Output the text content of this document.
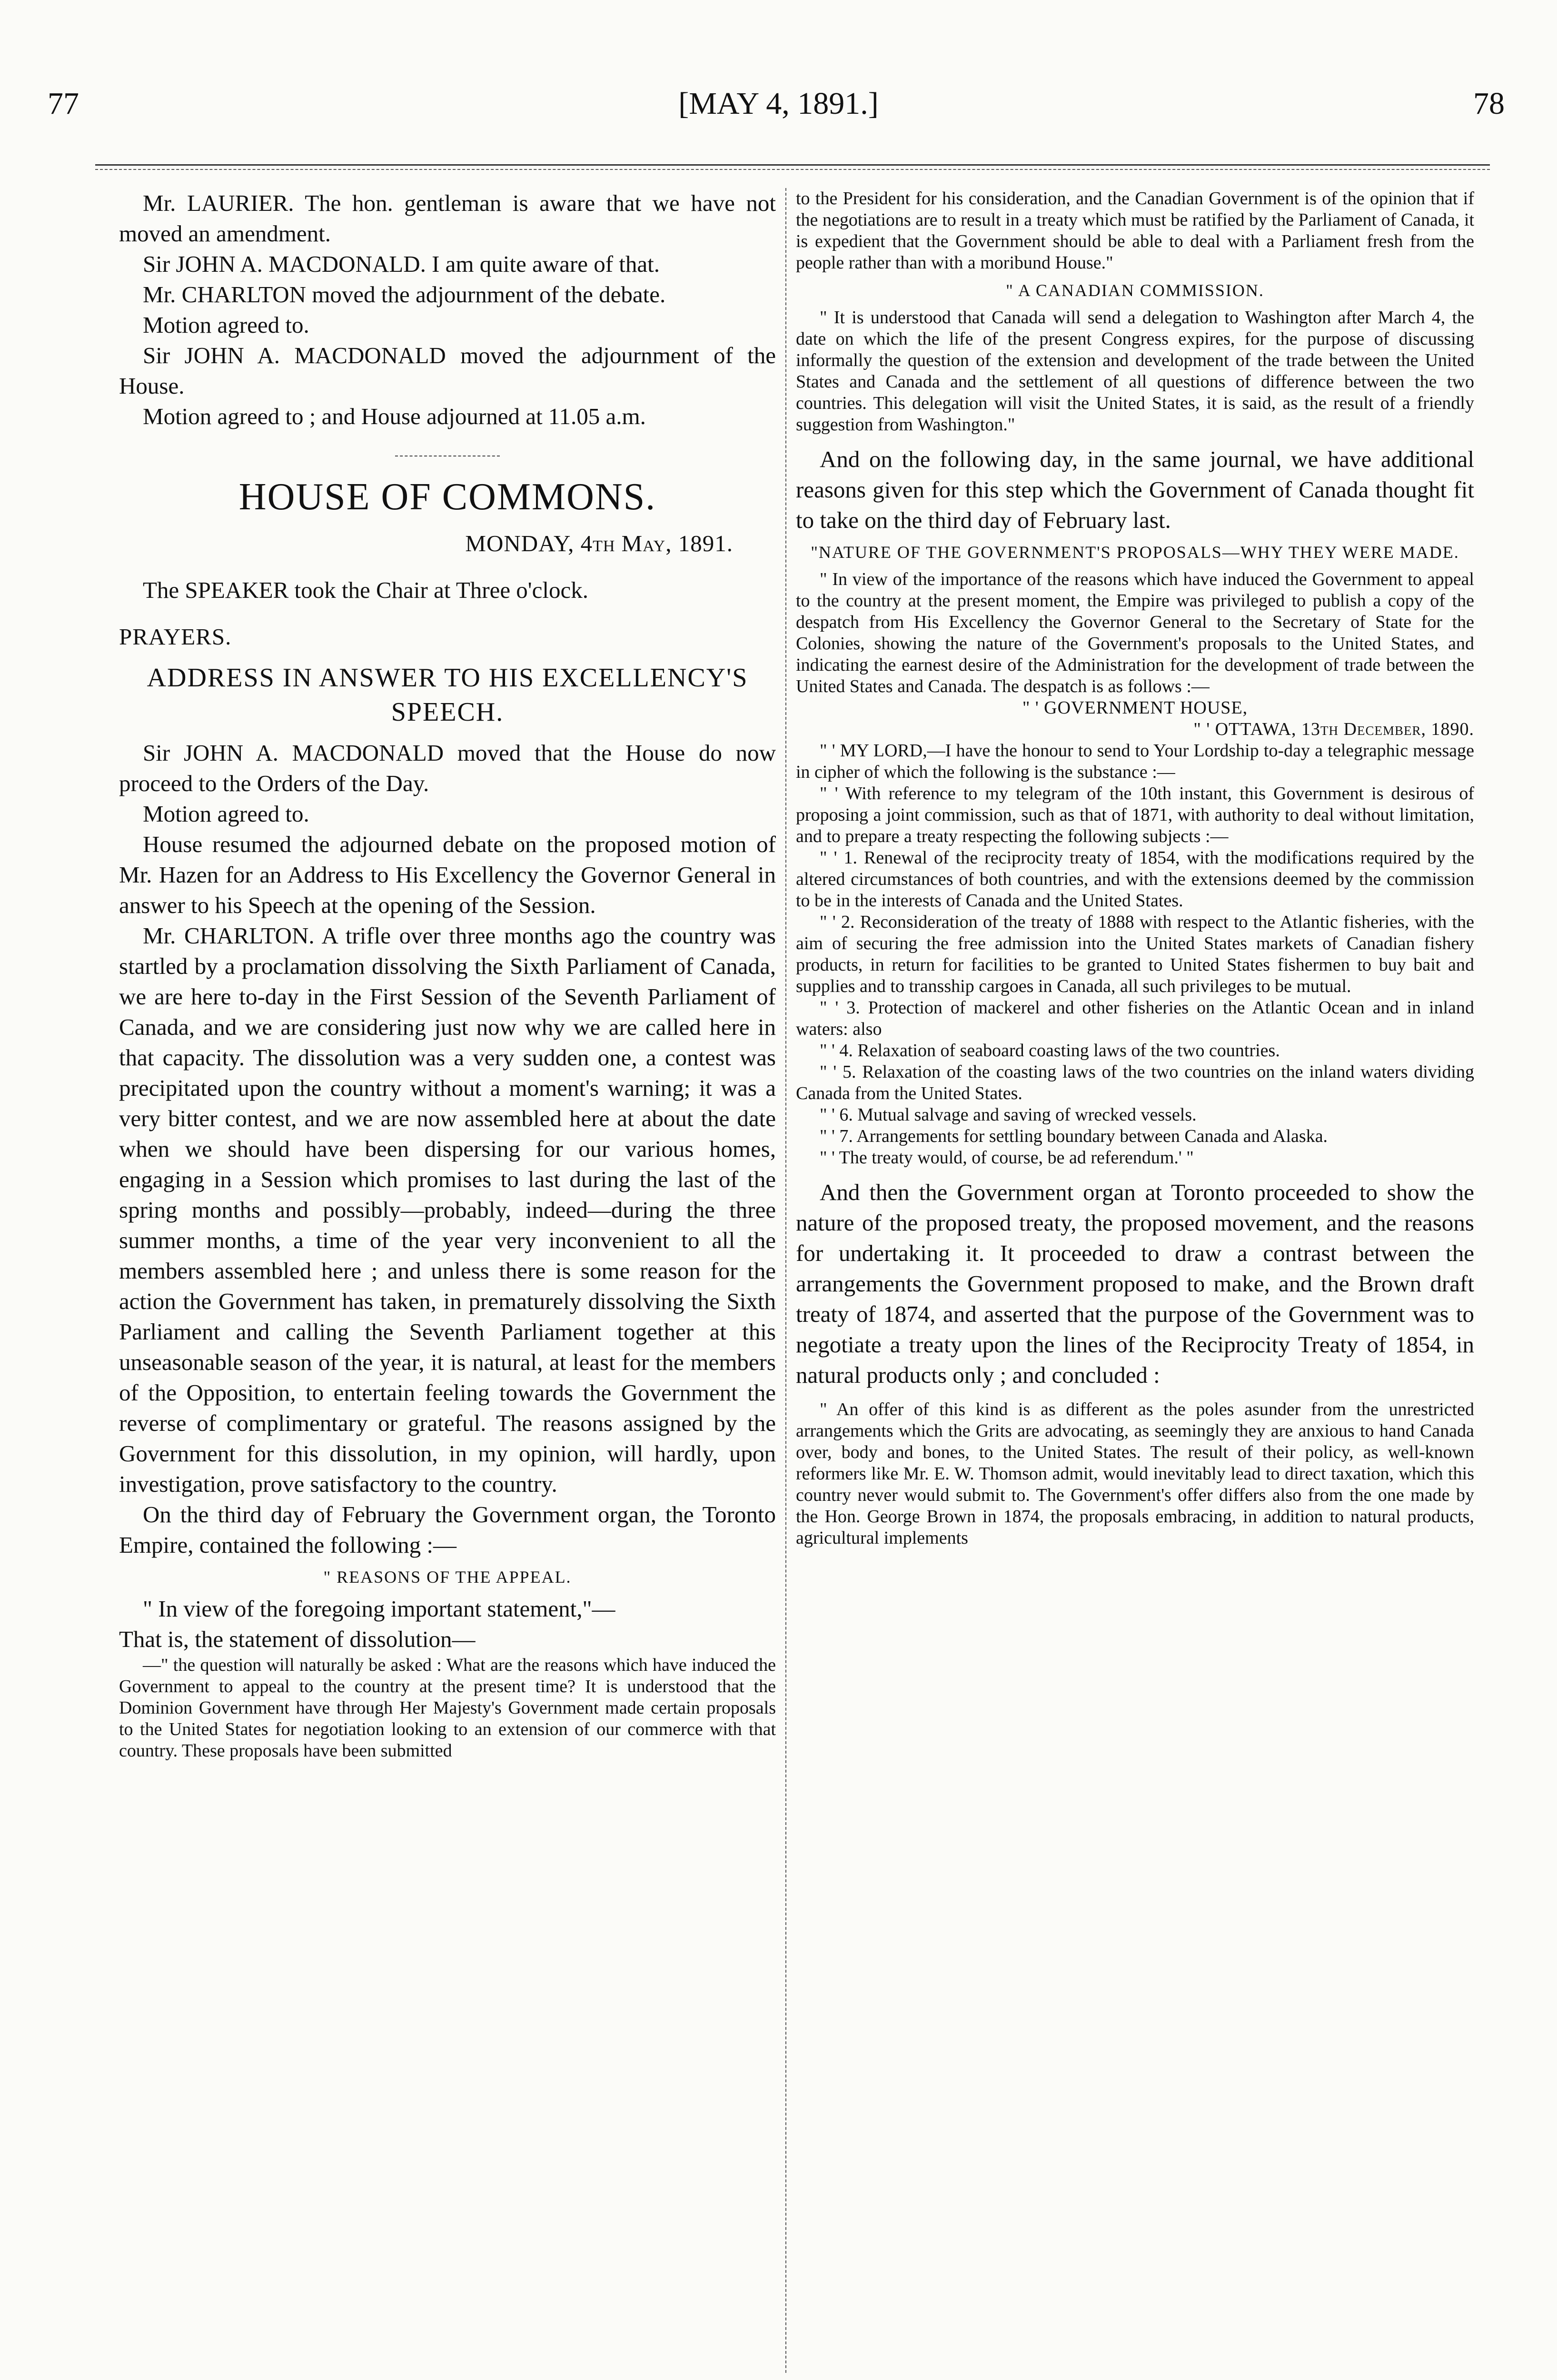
77	[MAY 4, 1891.]	78

Mr. LAURIER. The hon. gentleman is aware that we have not moved an amendment.

Sir JOHN A. MACDONALD. I am quite aware of that.

Mr. CHARLTON moved the adjournment of the debate.

Motion agreed to.

Sir JOHN A. MACDONALD moved the adjournment of the House.

Motion agreed to ; and House adjourned at 11.05 a.m.

HOUSE OF COMMONS.

MONDAY, 4th May, 1891.

The SPEAKER took the Chair at Three o'clock.

PRAYERS.

ADDRESS IN ANSWER TO HIS EXCELLENCY'S SPEECH.

Sir JOHN A. MACDONALD moved that the House do now proceed to the Orders of the Day.

Motion agreed to.

House resumed the adjourned debate on the proposed motion of Mr. Hazen for an Address to His Excellency the Governor General in answer to his Speech at the opening of the Session.

Mr. CHARLTON. A trifle over three months ago the country was startled by a proclamation dissolving the Sixth Parliament of Canada, we are here to-day in the First Session of the Seventh Parliament of Canada, and we are considering just now why we are called here in that capacity. The dissolution was a very sudden one, a contest was precipitated upon the country without a moment's warning; it was a very bitter contest, and we are now assembled here at about the date when we should have been dispersing for our various homes, engaging in a Session which promises to last during the last of the spring months and possibly—probably, indeed—during the three summer months, a time of the year very inconvenient to all the members assembled here ; and unless there is some reason for the action the Government has taken, in prematurely dissolving the Sixth Parliament and calling the Seventh Parliament together at this unseasonable season of the year, it is natural, at least for the members of the Opposition, to entertain feeling towards the Government the reverse of complimentary or grateful. The reasons assigned by the Government for this dissolution, in my opinion, will hardly, upon investigation, prove satisfactory to the country.

On the third day of February the Government organ, the Toronto Empire, contained the following :—

" REASONS OF THE APPEAL.

" In view of the foregoing important statement,"—

That is, the statement of dissolution—

—" the question will naturally be asked : What are the reasons which have induced the Government to appeal to the country at the present time? It is understood that the Dominion Government have through Her Majesty's Government made certain proposals to the United States for negotiation looking to an extension of our commerce with that country. These proposals have been submitted

to the President for his consideration, and the Canadian Government is of the opinion that if the negotiations are to result in a treaty which must be ratified by the Parliament of Canada, it is expedient that the Government should be able to deal with a Parliament fresh from the people rather than with a moribund House."

" A CANADIAN COMMISSION.

" It is understood that Canada will send a delegation to Washington after March 4, the date on which the life of the present Congress expires, for the purpose of discussing informally the question of the extension and development of the trade between the United States and Canada and the settlement of all questions of difference between the two countries. This delegation will visit the United States, it is said, as the result of a friendly suggestion from Washington."

And on the following day, in the same journal, we have additional reasons given for this step which the Government of Canada thought fit to take on the third day of February last.

"NATURE OF THE GOVERNMENT'S PROPOSALS—WHY THEY WERE MADE.

" In view of the importance of the reasons which have induced the Government to appeal to the country at the present moment, the Empire was privileged to publish a copy of the despatch from His Excellency the Governor General to the Secretary of State for the Colonies, showing the nature of the Government's proposals to the United States, and indicating the earnest desire of the Administration for the development of trade between the United States and Canada. The despatch is as follows :—

" ' GOVERNMENT HOUSE,

" ' OTTAWA, 13th December, 1890.

" ' MY LORD,—I have the honour to send to Your Lordship to-day a telegraphic message in cipher of which the following is the substance :—

" ' With reference to my telegram of the 10th instant, this Government is desirous of proposing a joint commission, such as that of 1871, with authority to deal without limitation, and to prepare a treaty respecting the following subjects :—

" ' 1. Renewal of the reciprocity treaty of 1854, with the modifications required by the altered circumstances of both countries, and with the extensions deemed by the commission to be in the interests of Canada and the United States.

" ' 2. Reconsideration of the treaty of 1888 with respect to the Atlantic fisheries, with the aim of securing the free admission into the United States markets of Canadian fishery products, in return for facilities to be granted to United States fishermen to buy bait and supplies and to transship cargoes in Canada, all such privileges to be mutual.

" ' 3. Protection of mackerel and other fisheries on the Atlantic Ocean and in inland waters: also

" ' 4. Relaxation of seaboard coasting laws of the two countries.

" ' 5. Relaxation of the coasting laws of the two countries on the inland waters dividing Canada from the United States.

" ' 6. Mutual salvage and saving of wrecked vessels.

" ' 7. Arrangements for settling boundary between Canada and Alaska.

" ' The treaty would, of course, be ad referendum.' "

And then the Government organ at Toronto proceeded to show the nature of the proposed treaty, the proposed movement, and the reasons for undertaking it. It proceeded to draw a contrast between the arrangements the Government proposed to make, and the Brown draft treaty of 1874, and asserted that the purpose of the Government was to negotiate a treaty upon the lines of the Reciprocity Treaty of 1854, in natural products only ; and concluded :

" An offer of this kind is as different as the poles asunder from the unrestricted arrangements which the Grits are advocating, as seemingly they are anxious to hand Canada over, body and bones, to the United States. The result of their policy, as well-known reformers like Mr. E. W. Thomson admit, would inevitably lead to direct taxation, which this country never would submit to. The Government's offer differs also from the one made by the Hon. George Brown in 1874, the proposals embracing, in addition to natural products, agricultural implements
